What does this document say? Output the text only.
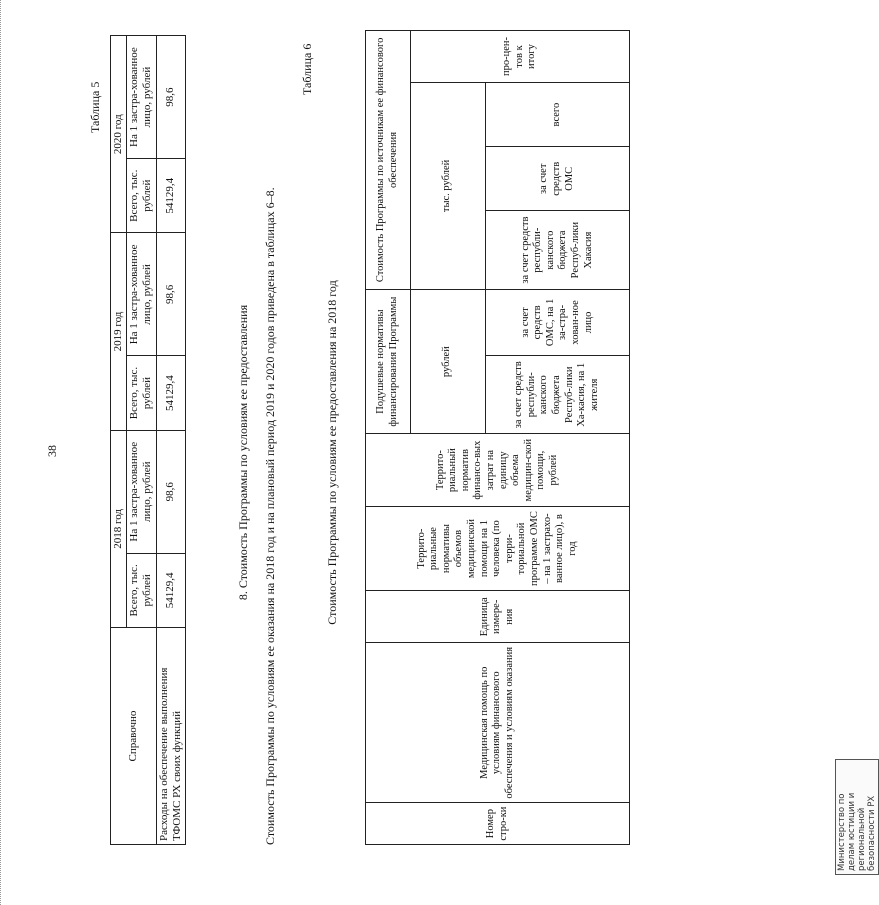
38
Таблица 5
Справочно	2018 год		2019 год		2020 год	
	Всего, тыс. рублей	На 1 застра-хованное лицо, рублей	Всего, тыс. рублей	На 1 застра-хованное лицо, рублей	Всего, тыс. рублей	На 1 застра-хованное лицо, рублей
Расходы на обеспечение выполнения ТФОМС РХ своих функций	54129,4	98,6	54129,4	98,6	54129,4	98,6
8. Стоимость Программы по условиям ее предоставления Стоимость Программы по условиям ее оказания на 2018 год и на плановый период 2019 и 2020 годов приведена в таблицах 6–8.
Таблица 6
Стоимость Программы по условиям ее предоставления на 2018 год
Номер стро-ки	Медицинская помощь по условиям финансового обеспечения и условиям оказания	Единица измере-ния	Террито-риальные нормативы объемов медицинской помощи на 1 человека (по терри-ториальной программе ОМС – на 1 застрахо-ванное лицо), в год	Террито-риальный норматив финансо-вых затрат на единицу объема медицин-ской помощи, рублей	Подушевые нормативы финансирования Программы		Стоимость Программы по источникам ее финансового обеспечения			
					рублей		тыс. рублей			про-цен-тов к итогу
					за счет средств республи-канского бюджета Респуб-лики Ха-касия, на 1 жителя	за счет средств ОМС, на 1 за-стра-хован-ное лицо	за счет средств республи-канского бюджета Респуб-лики Хакасия	за счет средств ОМС	всего	
Министерство по делам юстиции и региональной безопасности РХ
